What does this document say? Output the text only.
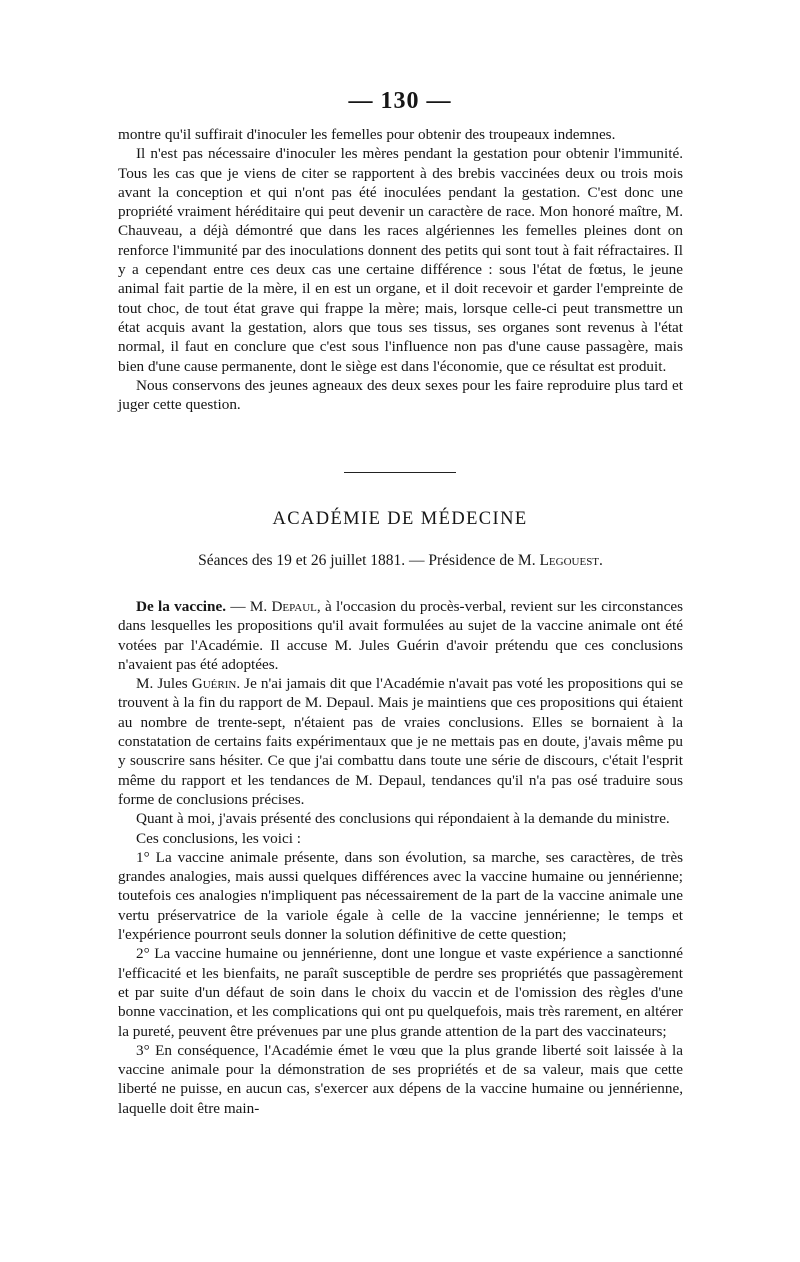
— 130 —

montre qu'il suffirait d'inoculer les femelles pour obtenir des troupeaux indemnes.

Il n'est pas nécessaire d'inoculer les mères pendant la gestation pour obtenir l'immunité. Tous les cas que je viens de citer se rapportent à des brebis vaccinées deux ou trois mois avant la conception et qui n'ont pas été inoculées pendant la gestation. C'est donc une propriété vraiment héréditaire qui peut devenir un caractère de race. Mon honoré maître, M. Chauveau, a déjà démontré que dans les races algériennes les femelles pleines dont on renforce l'immunité par des inoculations donnent des petits qui sont tout à fait réfractaires. Il y a cependant entre ces deux cas une certaine différence : sous l'état de fœtus, le jeune animal fait partie de la mère, il en est un organe, et il doit recevoir et garder l'empreinte de tout choc, de tout état grave qui frappe la mère; mais, lorsque celle-ci peut transmettre un état acquis avant la gestation, alors que tous ses tissus, ses organes sont revenus à l'état normal, il faut en conclure que c'est sous l'influence non pas d'une cause passagère, mais bien d'une cause permanente, dont le siège est dans l'économie, que ce résultat est produit.

Nous conservons des jeunes agneaux des deux sexes pour les faire reproduire plus tard et juger cette question.

ACADÉMIE DE MÉDECINE
Séances des 19 et 26 juillet 1881. — Présidence de M. Legouest.

De la vaccine. — M. Depaul, à l'occasion du procès-verbal, revient sur les circonstances dans lesquelles les propositions qu'il avait formulées au sujet de la vaccine animale ont été votées par l'Académie. Il accuse M. Jules Guérin d'avoir prétendu que ces conclusions n'avaient pas été adoptées.

M. Jules Guérin. Je n'ai jamais dit que l'Académie n'avait pas voté les propositions qui se trouvent à la fin du rapport de M. Depaul. Mais je maintiens que ces propositions qui étaient au nombre de trente-sept, n'étaient pas de vraies conclusions. Elles se bornaient à la constatation de certains faits expérimentaux que je ne mettais pas en doute, j'avais même pu y souscrire sans hésiter. Ce que j'ai combattu dans toute une série de discours, c'était l'esprit même du rapport et les tendances de M. Depaul, tendances qu'il n'a pas osé traduire sous forme de conclusions précises.

Quant à moi, j'avais présenté des conclusions qui répondaient à la demande du ministre.

Ces conclusions, les voici :

1° La vaccine animale présente, dans son évolution, sa marche, ses caractères, de très grandes analogies, mais aussi quelques différences avec la vaccine humaine ou jennérienne; toutefois ces analogies n'impliquent pas nécessairement de la part de la vaccine animale une vertu préservatrice de la variole égale à celle de la vaccine jennérienne; le temps et l'expérience pourront seuls donner la solution définitive de cette question;

2° La vaccine humaine ou jennérienne, dont une longue et vaste expérience a sanctionné l'efficacité et les bienfaits, ne paraît susceptible de perdre ses propriétés que passagèrement et par suite d'un défaut de soin dans le choix du vaccin et de l'omission des règles d'une bonne vaccination, et les complications qui ont pu quelquefois, mais très rarement, en altérer la pureté, peuvent être prévenues par une plus grande attention de la part des vaccinateurs;

3° En conséquence, l'Académie émet le vœu que la plus grande liberté soit laissée à la vaccine animale pour la démonstration de ses propriétés et de sa valeur, mais que cette liberté ne puisse, en aucun cas, s'exercer aux dépens de la vaccine humaine ou jennérienne, laquelle doit être main-
